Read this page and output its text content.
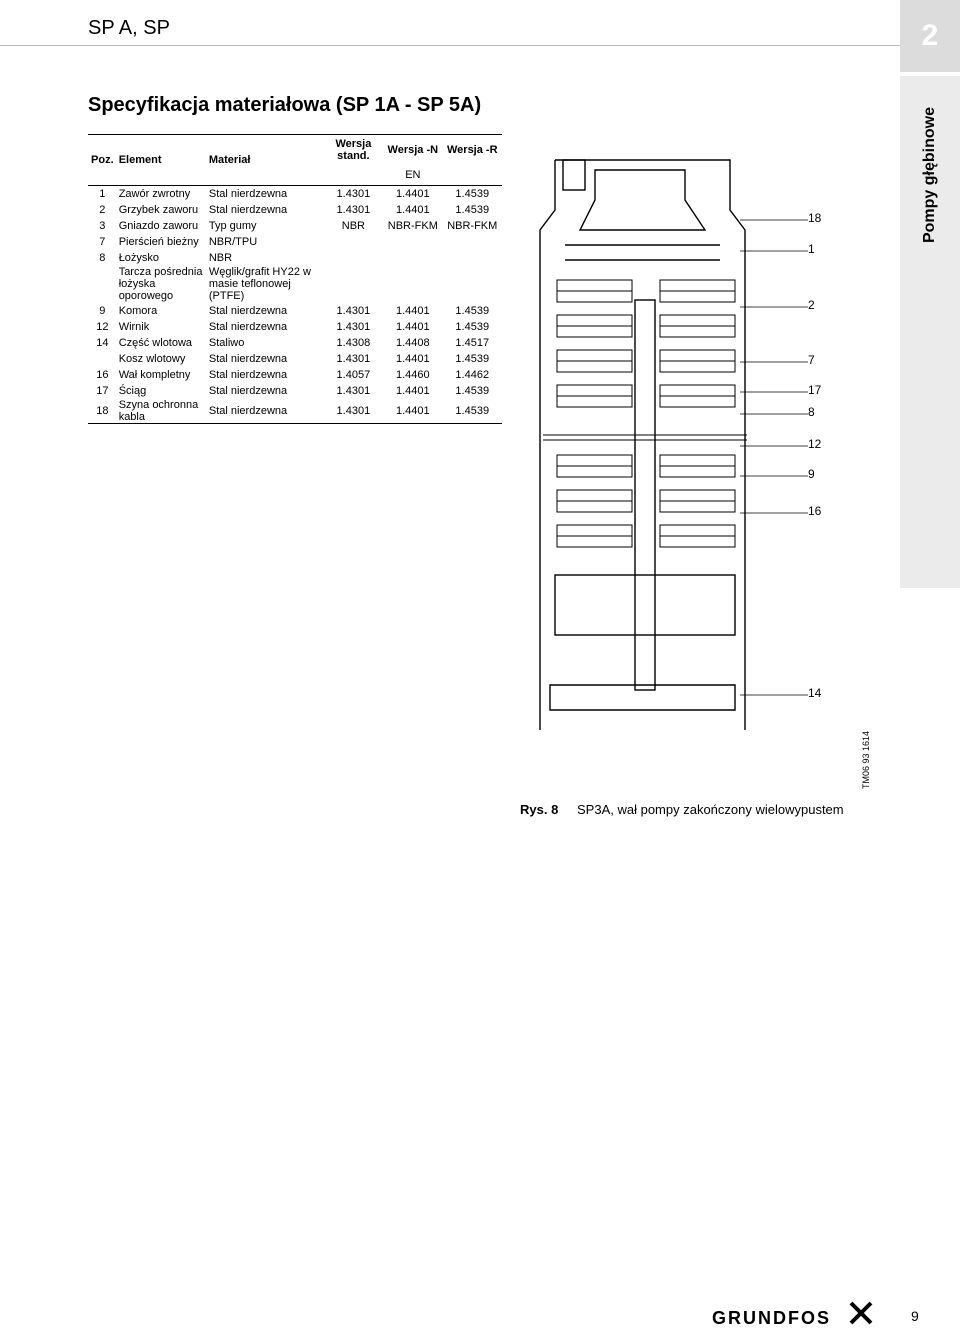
SP A, SP	2
Pompy głębinowe
Specyfikacja materiałowa (SP 1A - SP 5A)
Poz.	Element	Materiał	Wersja stand.	Wersja -N	Wersja -R
			EN		
1	Zawór zwrotny	Stal nierdzewna	1.4301	1.4401	1.4539
2	Grzybek zaworu	Stal nierdzewna	1.4301	1.4401	1.4539
3	Gniazdo zaworu	Typ gumy	NBR	NBR-FKM	NBR-FKM
7	Pierścień bieżny	NBR/TPU			
8	Łożysko	NBR			
	Tarcza pośrednia łożyska oporowego	Węglik/grafit HY22 w masie teflonowej (PTFE)			
9	Komora	Stal nierdzewna	1.4301	1.4401	1.4539
12	Wirnik	Stal nierdzewna	1.4301	1.4401	1.4539
14	Część wlotowa	Staliwo	1.4308	1.4408	1.4517
	Kosz wlotowy	Stal nierdzewna	1.4301	1.4401	1.4539
16	Wał kompletny	Stal nierdzewna	1.4057	1.4460	1.4462
17	Ściąg	Stal nierdzewna	1.4301	1.4401	1.4539
18	Szyna ochronna kabla	Stal nierdzewna	1.4301	1.4401	1.4539
18
1
2
7
17
8
12
9
16
14
TM06 93 1614
Rys. 8 SP3A, wał pompy zakończony wielowypustem
GRUNDFOS	9
